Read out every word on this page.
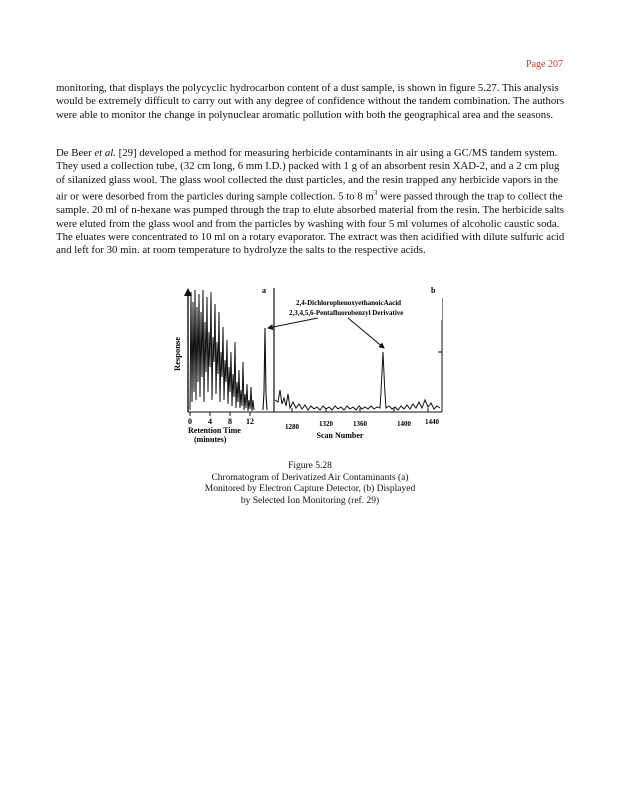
Page 207

monitoring, that displays the polycyclic hydrocarbon content of a dust sample, is shown in figure 5.27. This analysis would be extremely difficult to carry out with any degree of confidence without the tandem combination. The authors were able to monitor the change in polynuclear aromatic pollution with both the geographical area and the seasons.

De Beer et al. [29] developed a method for measuring herbicide contaminants in air using a GC/MS tandem system. They used a collection tube, (32 cm long, 6 mm I.D.) packed with 1 g of an absorbent resin XAD-2, and a 2 cm plug of silanized glass wool. The glass wool collected the dust particles, and the resin trapped any herbicide vapors in the air or were desorbed from the particles during sample collection. 5 to 8 $m^3$ were passed through the trap to collect the sample. 20 ml of n-hexane was pumped through the trap to elute absorbed material from the resin. The herbicide salts were eluted from the glass wool and from the particles by washing with four 5 ml volumes of alcoholic caustic soda. The eluates were concentrated to 10 ml on a rotary evaporator. The extract was then acidified with dilute sulfuric acid and left for 30 min. at room temperature to hydrolyze the salts to the respective acids.

Response
0 4 8 12
Retention Time
(minutes)
a	b
2,4-DichlorophenoxyethanoicAacid
2,3,4,5,6-Pentafluorobenzyl Derivative
1280	1320	1360	1400 1440
Scan Number
Figure 5.28
Chromatogram of Derivatized Air Contaminants (a)
Monitored by Electron Capture Detector, (b) Displayed
by Selected Ion Monitoring (ref. 29)
